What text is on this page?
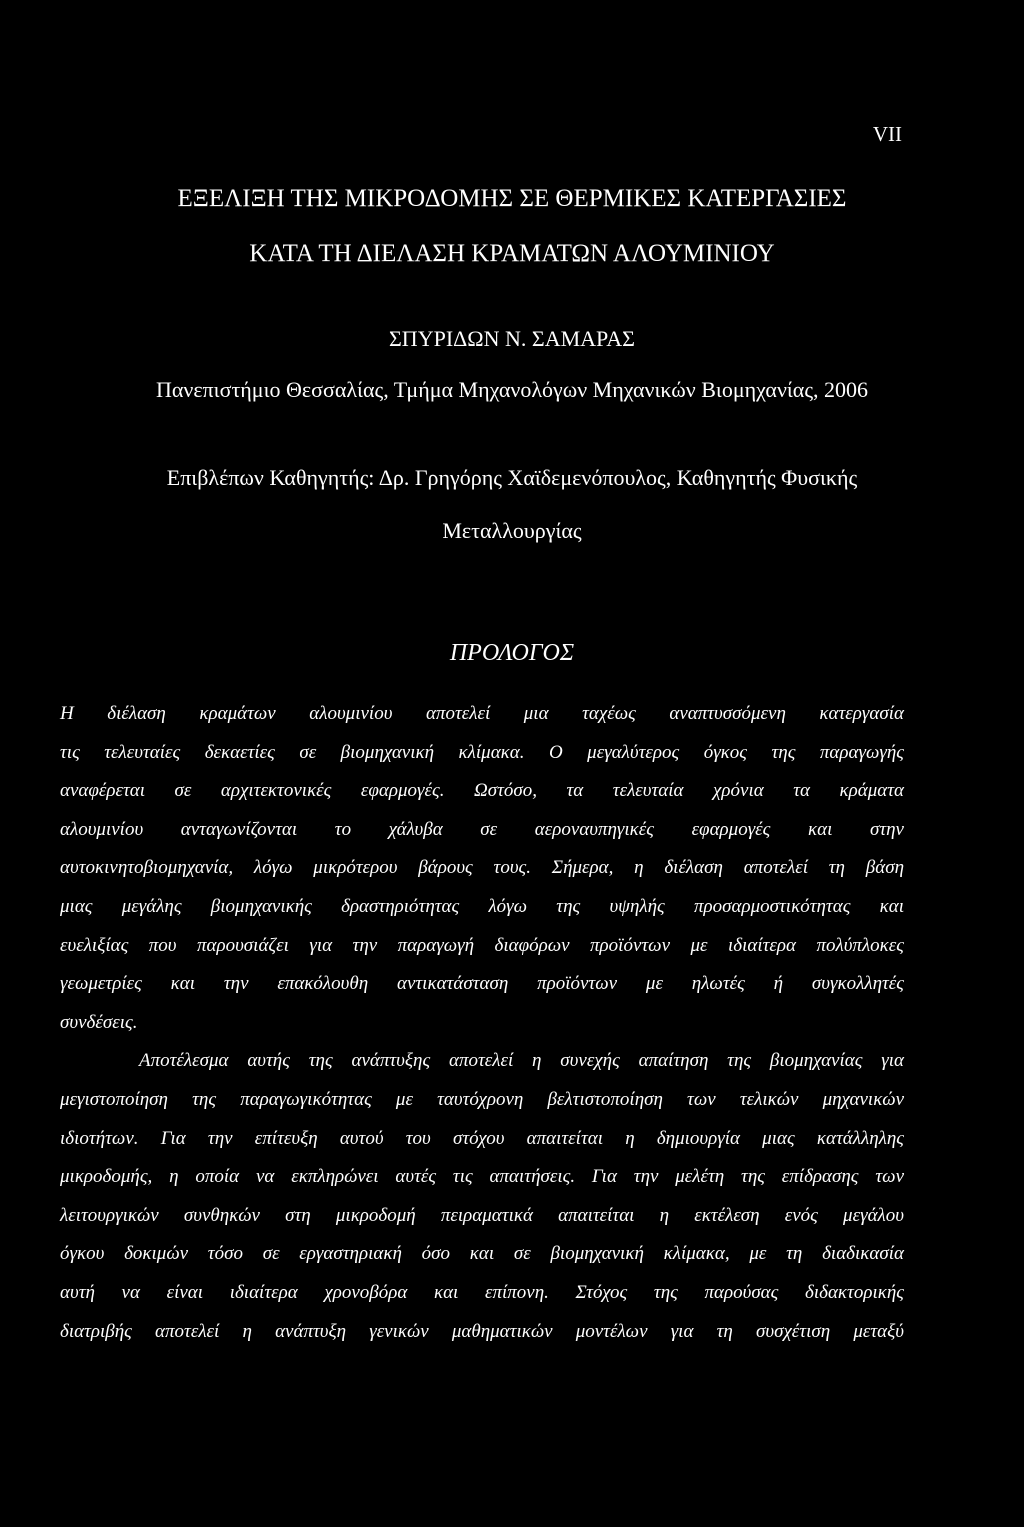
VII
ΕΞΕΛΙΞΗ ΤΗΣ ΜΙΚΡΟΔΟΜΗΣ ΣΕ ΘΕΡΜΙΚΕΣ ΚΑΤΕΡΓΑΣΙΕΣ
ΚΑΤΑ ΤΗ ΔΙΕΛΑΣΗ ΚΡΑΜΑΤΩΝ ΑΛΟΥΜΙΝΙΟΥ
ΣΠΥΡΙΔΩΝ Ν. ΣΑΜΑΡΑΣ
Πανεπιστήμιο Θεσσαλίας, Τμήμα Μηχανολόγων Μηχανικών Βιομηχανίας, 2006
Επιβλέπων Καθηγητής: Δρ. Γρηγόρης Χαϊδεμενόπουλος, Καθηγητής Φυσικής
Μεταλλουργίας
ΠΡΟΛΟΓΟΣ
Η διέλαση κραμάτων αλουμινίου αποτελεί μια ταχέως αναπτυσσόμενη κατεργασία
τις τελευταίες δεκαετίες σε βιομηχανική κλίμακα. Ο μεγαλύτερος όγκος της παραγωγής
αναφέρεται σε αρχιτεκτονικές εφαρμογές. Ωστόσο, τα τελευταία χρόνια τα κράματα
αλουμινίου ανταγωνίζονται το χάλυβα σε αεροναυπηγικές εφαρμογές και στην
αυτοκινητοβιομηχανία, λόγω μικρότερου βάρους τους. Σήμερα, η διέλαση αποτελεί τη βάση
μιας μεγάλης βιομηχανικής δραστηριότητας λόγω της υψηλής προσαρμοστικότητας και
ευελιξίας που παρουσιάζει για την παραγωγή διαφόρων προϊόντων με ιδιαίτερα πολύπλοκες
γεωμετρίες και την επακόλουθη αντικατάσταση προϊόντων με ηλωτές ή συγκολλητές
συνδέσεις.
Αποτέλεσμα αυτής της ανάπτυξης αποτελεί η συνεχής απαίτηση της βιομηχανίας για
μεγιστοποίηση της παραγωγικότητας με ταυτόχρονη βελτιστοποίηση των τελικών μηχανικών
ιδιοτήτων. Για την επίτευξη αυτού του στόχου απαιτείται η δημιουργία μιας κατάλληλης
μικροδομής, η οποία να εκπληρώνει αυτές τις απαιτήσεις. Για την μελέτη της επίδρασης των
λειτουργικών συνθηκών στη μικροδομή πειραματικά απαιτείται η εκτέλεση ενός μεγάλου
όγκου δοκιμών τόσο σε εργαστηριακή όσο και σε βιομηχανική κλίμακα, με τη διαδικασία
αυτή να είναι ιδιαίτερα χρονοβόρα και επίπονη. Στόχος της παρούσας διδακτορικής
διατριβής αποτελεί η ανάπτυξη γενικών μαθηματικών μοντέλων για τη συσχέτιση μεταξύ
